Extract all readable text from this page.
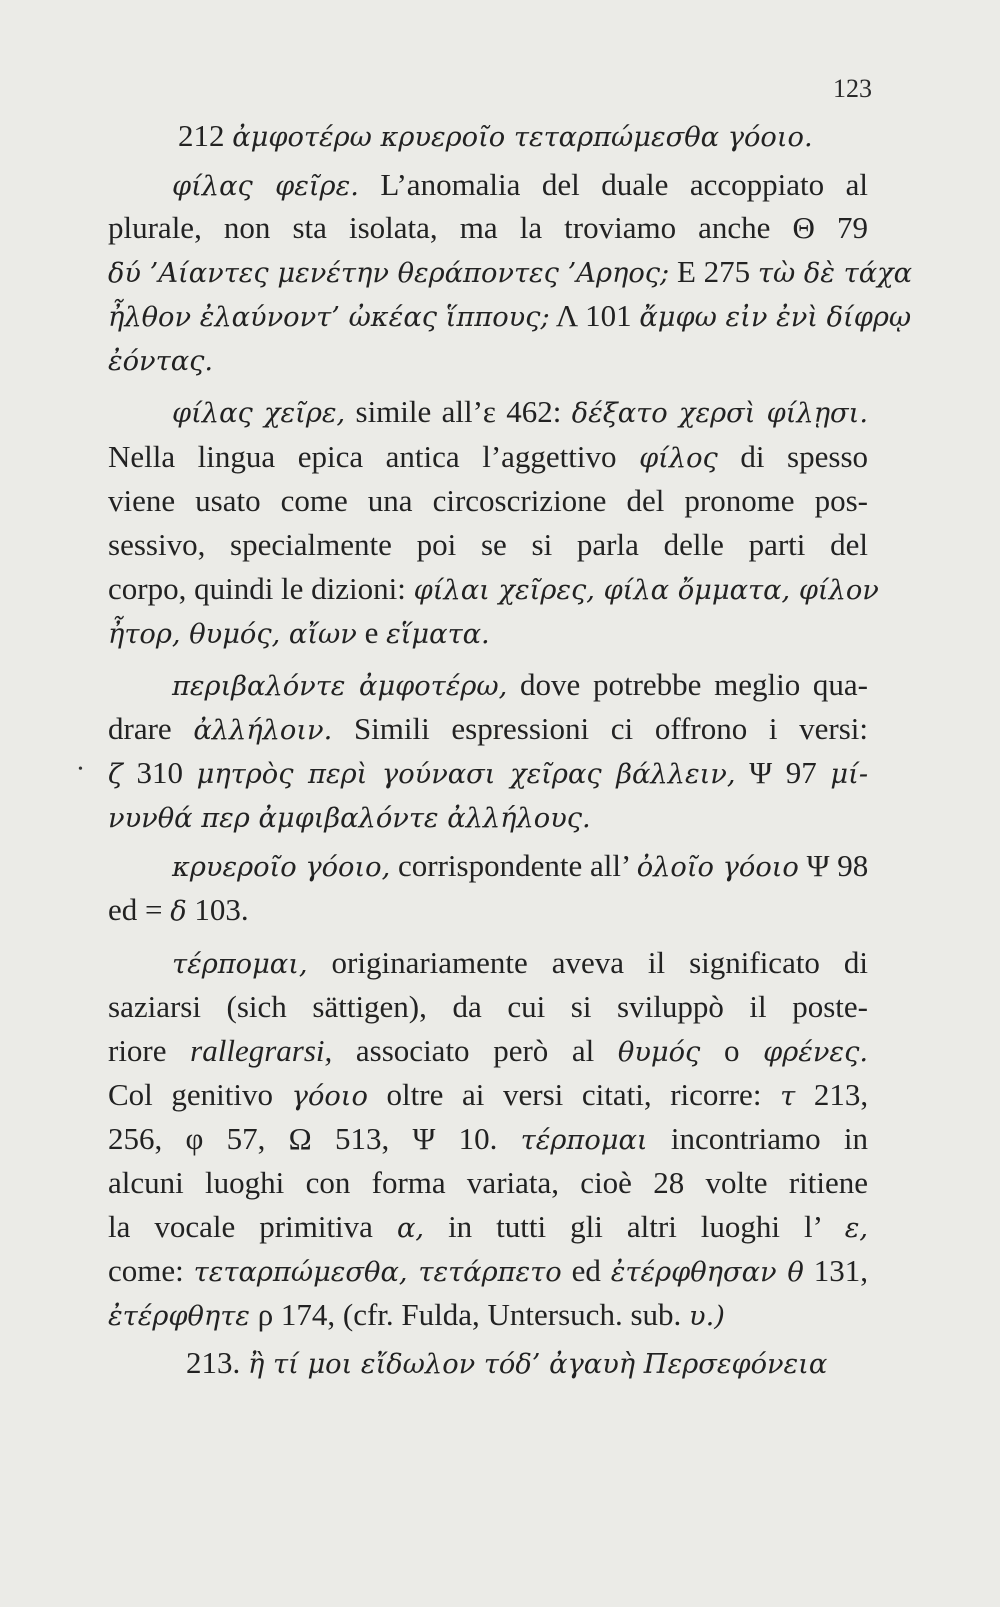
123
212 ἀμφοτέρω κρυεροῖο τεταρπώμεσθα γόοιο.
φίλας φεῖρε. L’anomalia del duale accoppiato al
plurale, non sta isolata, ma la troviamo anche Θ 79
δύ ’Αίαντες μενέτην θεράποντες ’Αρηος; E 275 τὼ δὲ τάχα
ἦλθον ἐλαύνοντ’ ὠκέας ἵππους; Λ 101 ἄμφω εἰν ἐνὶ δίφρῳ
ἐόντας.
φίλας χεῖρε, simile all’ε 462: δέξατο χερσὶ φίλῃσι.
Nella lingua epica antica l’aggettivo φίλος di spesso
viene usato come una circoscrizione del pronome pos-
sessivo, specialmente poi se si parla delle parti del
corpo, quindi le dizioni: φίλαι χεῖρες, φίλα ὄμματα, φίλον
ἦτορ, θυμός, αἴων e εἵματα.
περιβαλόντε ἀμφοτέρω, dove potrebbe meglio qua-
drare ἀλλήλοιν. Simili espressioni ci offrono i versi:
• ζ 310 μητρὸς περὶ γούνασι χεῖρας βάλλειν, Ψ 97 μί-
νυνθά περ ἀμφιβαλόντε ἀλλήλους.
κρυεροῖο γόοιο, corrispondente all’ ὀλοῖο γόοιο Ψ 98
ed = δ 103.
τέρπομαι, originariamente aveva il significato di
saziarsi (sich sättigen), da cui si sviluppò il poste-
riore rallegrarsi, associato però al θυμός o φρένες.
Col genitivo γόοιο oltre ai versi citati, ricorre: τ 213,
256, φ 57, Ω 513, Ψ 10. τέρπομαι incontriamo in
alcuni luoghi con forma variata, cioè 28 volte ritiene
la vocale primitiva α, in tutti gli altri luoghi l’ ε,
come: τεταρπώμεσθα, τετάρπετο ed ἐτέρφθησαν θ 131,
ἐτέρφθητε ρ 174, (cfr. Fulda, Untersuch. sub. υ.)
213. ἢ τί μοι εἴδωλον τόδ’ ἀγαυὴ Περσεφόνεια
